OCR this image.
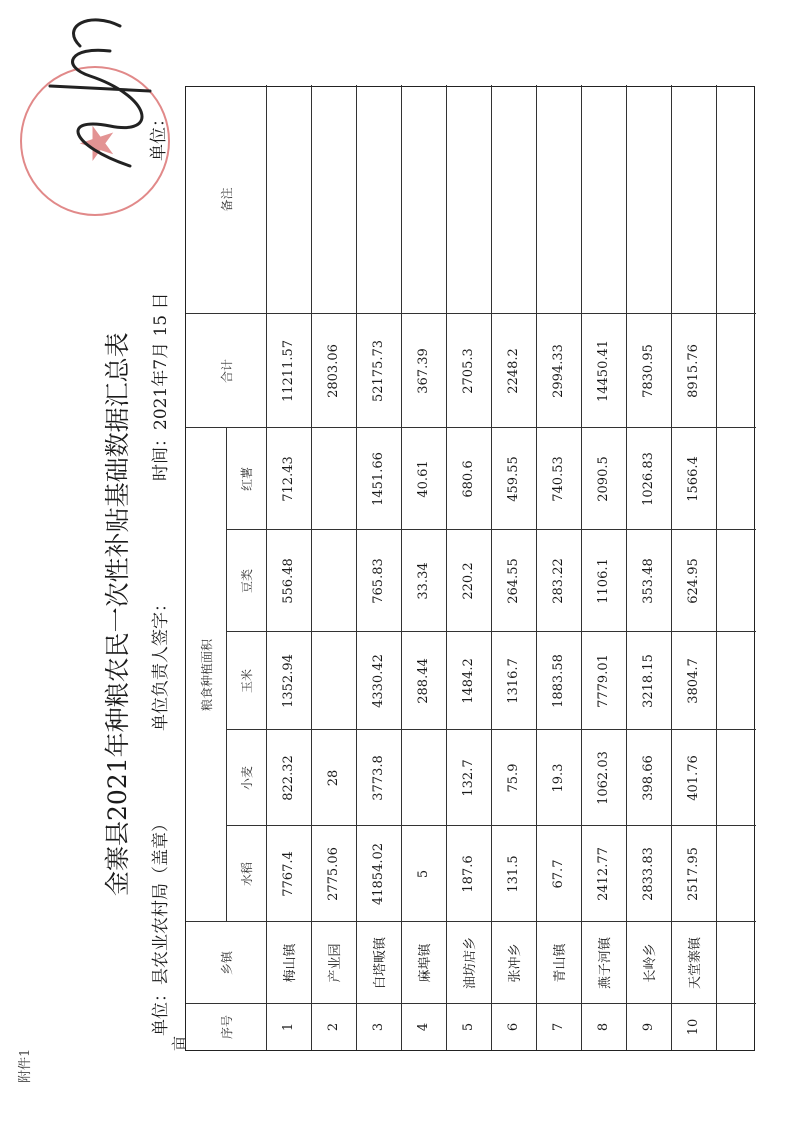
附件1
金寨县2021年种粮农民一次性补贴基础数据汇总表
单位：县农业农村局（盖章）
单位负责人签字：
时间：2021年7月 15 日
单位：
亩
★
序号
乡镇
粮食种植面积
水稻
小麦
玉米
豆类
红薯
合计
备注
1
梅山镇
7767.4
822.32
1352.94
556.48
712.43
11211.57
2
产业园
2775.06
28
2803.06
3
白塔畈镇
41854.02
3773.8
4330.42
765.83
1451.66
52175.73
4
麻埠镇
5
288.44
33.34
40.61
367.39
5
油坊店乡
187.6
132.7
1484.2
220.2
680.6
2705.3
6
张冲乡
131.5
75.9
1316.7
264.55
459.55
2248.2
7
青山镇
67.7
19.3
1883.58
283.22
740.53
2994.33
8
燕子河镇
2412.77
1062.03
7779.01
1106.1
2090.5
14450.41
9
长岭乡
2833.83
398.66
3218.15
353.48
1026.83
7830.95
10
天堂寨镇
2517.95
401.76
3804.7
624.95
1566.4
8915.76
